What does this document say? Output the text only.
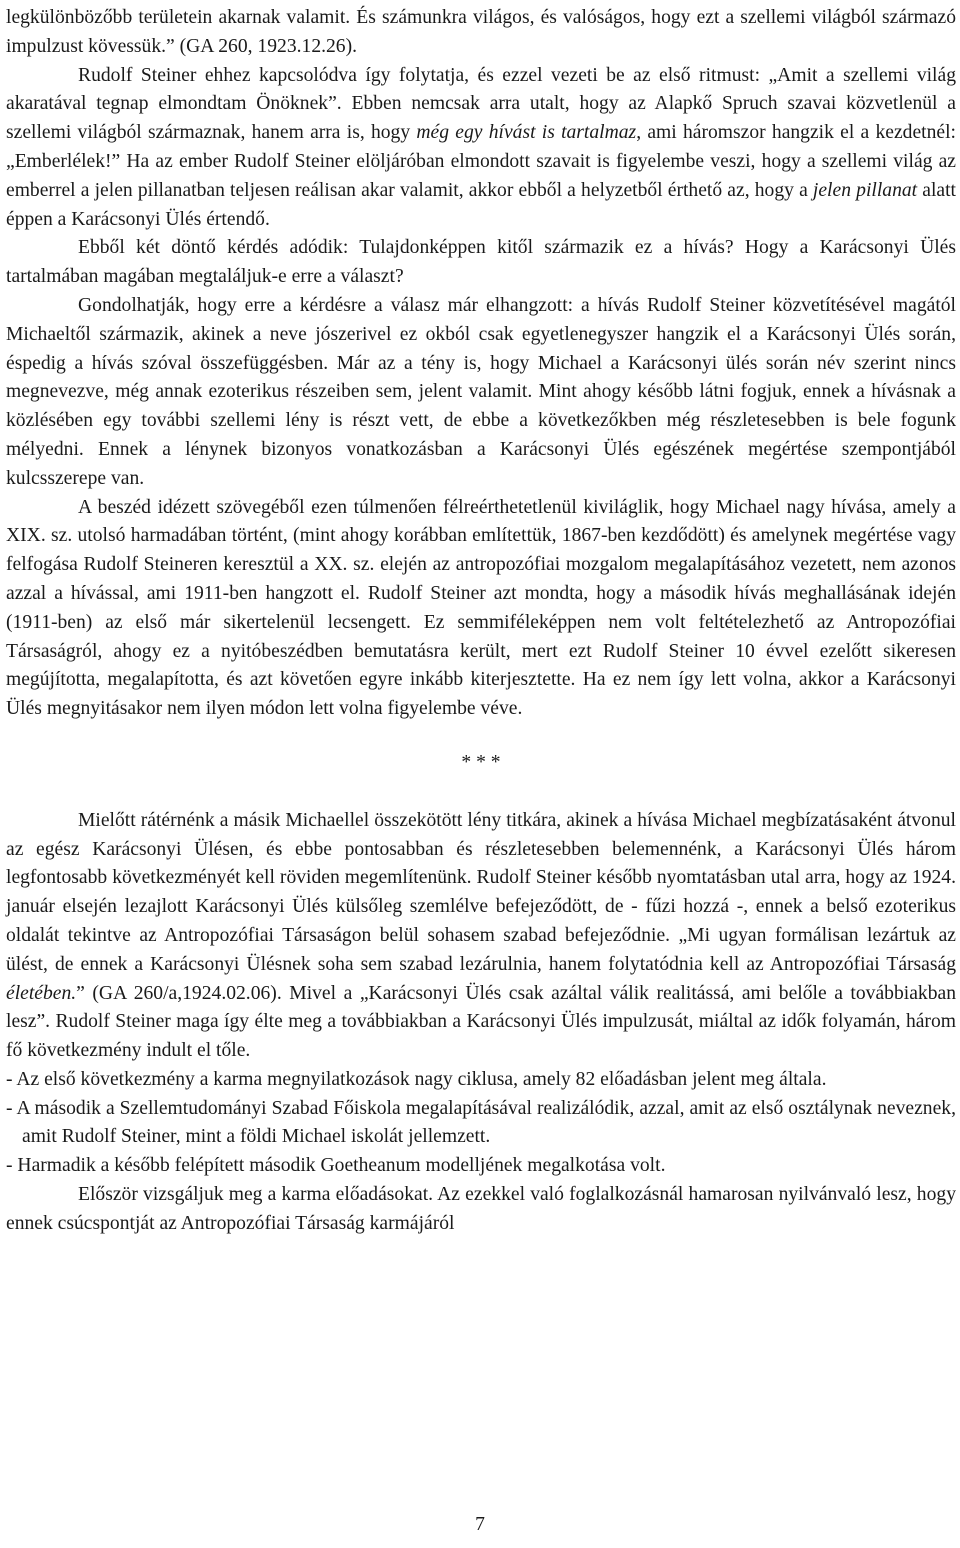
legkülönbözőbb területein akarnak valamit. És számunkra világos, és valóságos, hogy ezt a szellemi világból származó impulzust kövessük.” (GA 260, 1923.12.26).

Rudolf Steiner ehhez kapcsolódva így folytatja, és ezzel vezeti be az első ritmust: „Amit a szellemi világ akaratával tegnap elmondtam Önöknek”. Ebben nemcsak arra utalt, hogy az Alapkő Spruch szavai közvetlenül a szellemi világból származnak, hanem arra is, hogy még egy hívást is tartalmaz, ami háromszor hangzik el a kezdetnél: „Emberlélek!” Ha az ember Rudolf Steiner elöljáróban elmondott szavait is figyelembe veszi, hogy a szellemi világ az emberrel a jelen pillanatban teljesen reálisan akar valamit, akkor ebből a helyzetből érthető az, hogy a jelen pillanat alatt éppen a Karácsonyi Ülés értendő.

Ebből két döntő kérdés adódik: Tulajdonképpen kitől származik ez a hívás? Hogy a Karácsonyi Ülés tartalmában magában megtaláljuk-e erre a választ?

Gondolhatják, hogy erre a kérdésre a válasz már elhangzott: a hívás Rudolf Steiner közvetítésével magától Michaeltől származik, akinek a neve jószerivel ez okból csak egyetlenegyszer hangzik el a Karácsonyi Ülés során, éspedig a hívás szóval összefüggésben. Már az a tény is, hogy Michael a Karácsonyi ülés során név szerint nincs megnevezve, még annak ezoterikus részeiben sem, jelent valamit. Mint ahogy később látni fogjuk, ennek a hívásnak a közlésében egy további szellemi lény is részt vett, de ebbe a következőkben még részletesebben is bele fogunk mélyedni. Ennek a lénynek bizonyos vonatkozásban a Karácsonyi Ülés egészének megértése szempontjából kulcsszerepe van.

A beszéd idézett szövegéből ezen túlmenően félreérthetetlenül kiviláglik, hogy Michael nagy hívása, amely a XIX. sz. utolsó harmadában történt, (mint ahogy korábban említettük, 1867-ben kezdődött) és amelynek megértése vagy felfogása Rudolf Steineren keresztül a XX. sz. elején az antropozófiai mozgalom megalapításához vezetett, nem azonos azzal a hívással, ami 1911-ben hangzott el. Rudolf Steiner azt mondta, hogy a második hívás meghallásának idején (1911-ben) az első már sikertelenül lecsengett. Ez semmiféleképpen nem volt feltételezhető az Antropozófiai Társaságról, ahogy ez a nyitóbeszédben bemutatásra került, mert ezt Rudolf Steiner 10 évvel ezelőtt sikeresen megújította, megalapította, és azt követően egyre inkább kiterjesztette. Ha ez nem így lett volna, akkor a Karácsonyi Ülés megnyitásakor nem ilyen módon lett volna figyelembe véve.

* * *

Mielőtt rátérnénk a másik Michaellel összekötött lény titkára, akinek a hívása Michael megbízatásaként átvonul az egész Karácsonyi Ülésen, és ebbe pontosabban és részletesebben belemennénk, a Karácsonyi Ülés három legfontosabb következményét kell röviden megemlítenünk. Rudolf Steiner később nyomtatásban utal arra, hogy az 1924. január elsején lezajlott Karácsonyi Ülés külsőleg szemlélve befejeződött, de - fűzi hozzá -, ennek a belső ezoterikus oldalát tekintve az Antropozófiai Társaságon belül sohasem szabad befejeződnie. „Mi ugyan formálisan lezártuk az ülést, de ennek a Karácsonyi Ülésnek soha sem szabad lezárulnia, hanem folytatódnia kell az Antropozófiai Társaság életében.” (GA 260/a,1924.02.06). Mivel a „Karácsonyi Ülés csak azáltal válik realitássá, ami belőle a továbbiakban lesz”. Rudolf Steiner maga így élte meg a továbbiakban a Karácsonyi Ülés impulzusát, miáltal az idők folyamán, három fő következmény indult el tőle.

- Az első következmény a karma megnyilatkozások nagy ciklusa, amely 82 előadásban jelent meg általa.
- A második a Szellemtudományi Szabad Főiskola megalapításával realizálódik, azzal, amit az első osztálynak neveznek, amit Rudolf Steiner, mint a földi Michael iskolát jellemzett.
- Harmadik a később felépített második Goetheanum modelljének megalkotása volt.

Először vizsgáljuk meg a karma előadásokat. Az ezekkel való foglalkozásnál hamarosan nyilvánvaló lesz, hogy ennek csúcspontját az Antropozófiai Társaság karmájáról

7
